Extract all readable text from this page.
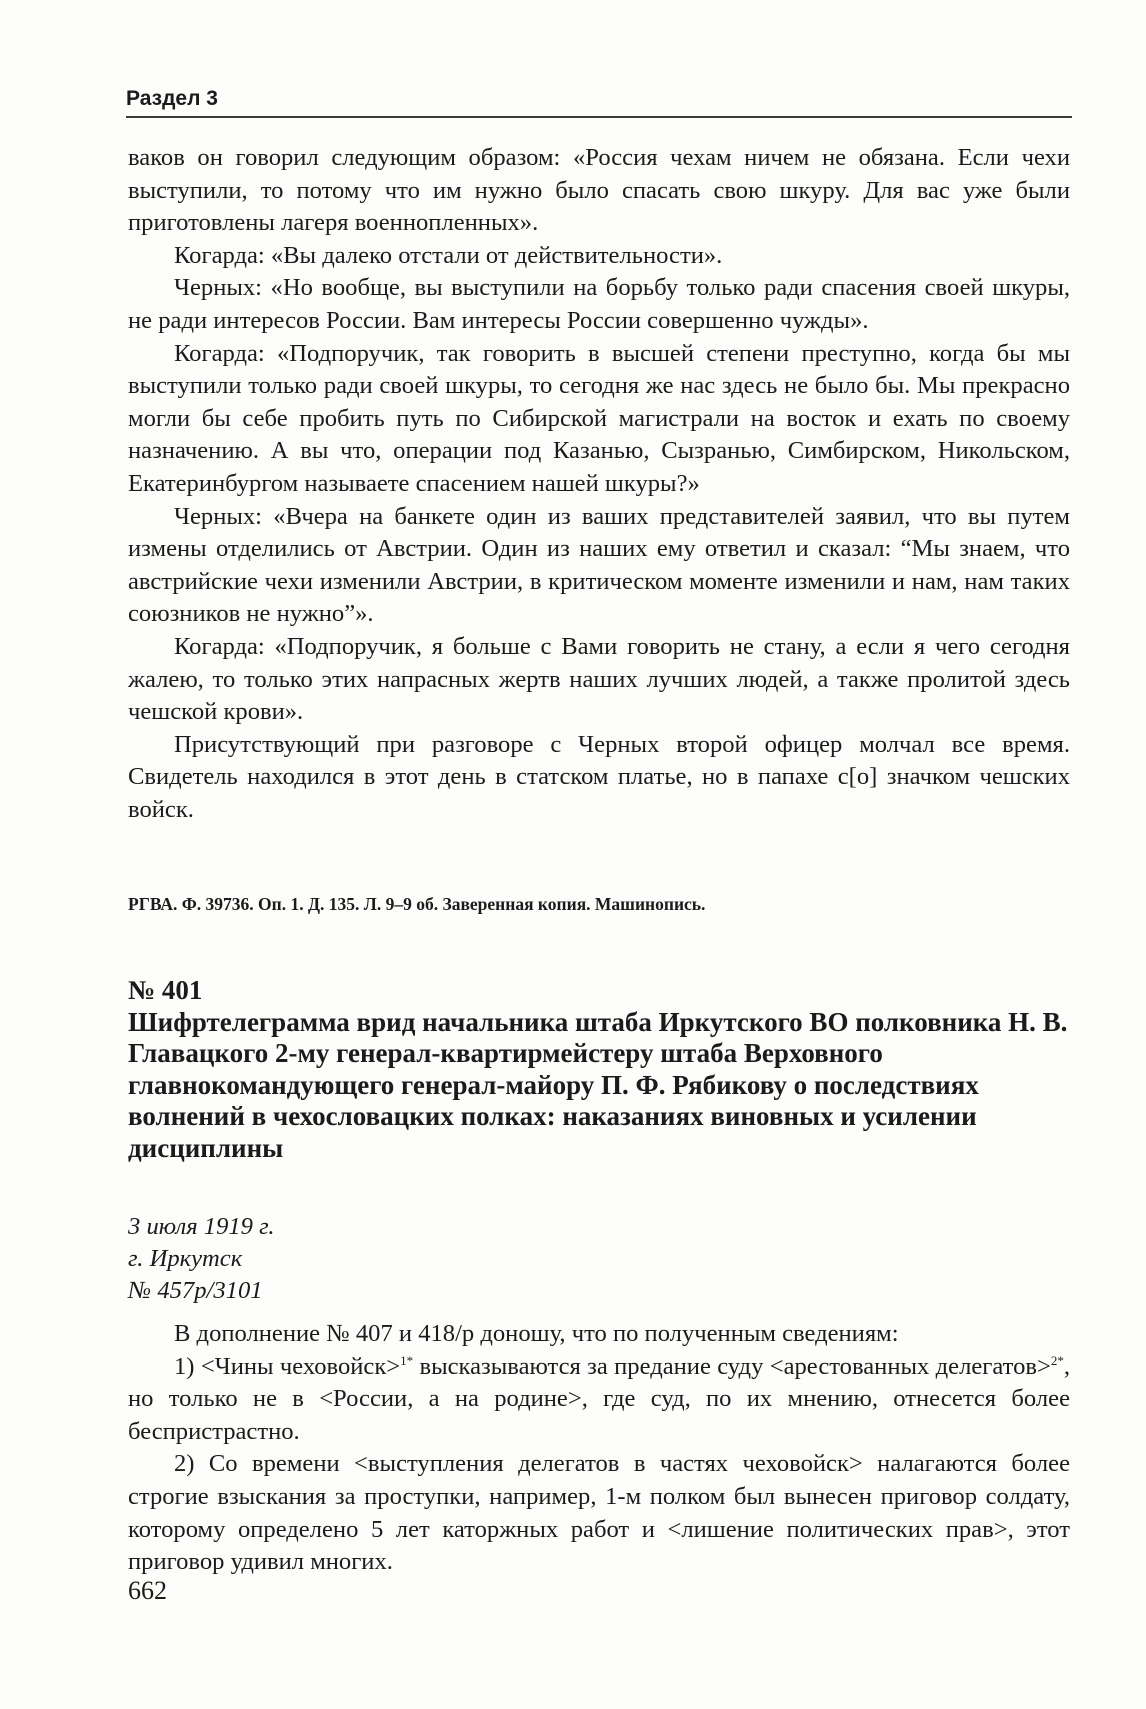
Раздел 3

ваков он говорил следующим образом: «Россия чехам ничем не обязана. Если чехи выступили, то потому что им нужно было спасать свою шкуру. Для вас уже были приготовлены лагеря военнопленных».

Когарда: «Вы далеко отстали от действительности».

Черных: «Но вообще, вы выступили на борьбу только ради спасения своей шкуры, не ради интересов России. Вам интересы России совершенно чужды».

Когарда: «Подпоручик, так говорить в высшей степени преступно, когда бы мы выступили только ради своей шкуры, то сегодня же нас здесь не было бы. Мы прекрасно могли бы себе пробить путь по Сибирской магистрали на восток и ехать по своему назначению. А вы что, операции под Казанью, Сызранью, Симбирском, Никольском, Екатеринбургом называете спасением нашей шкуры?»

Черных: «Вчера на банкете один из ваших представителей заявил, что вы путем измены отделились от Австрии. Один из наших ему ответил и сказал: “Мы знаем, что австрийские чехи изменили Австрии, в критическом моменте изменили и нам, нам таких союзников не нужно”».

Когарда: «Подпоручик, я больше с Вами говорить не стану, а если я чего сегодня жалею, то только этих напрасных жертв наших лучших людей, а также пролитой здесь чешской крови».

Присутствующий при разговоре с Черных второй офицер молчал все время. Свидетель находился в этот день в статском платье, но в папахе с[о] значком чешских войск.

РГВА. Ф. 39736. Оп. 1. Д. 135. Л. 9–9 об. Заверенная копия. Машинопись.
№ 401
Шифртелеграмма врид начальника штаба Иркутского ВО полковника Н. В. Главацкого 2-му генерал-квартирмейстеру штаба Верховного главнокомандующего генерал-майору П. Ф. Рябикову о последствиях волнений в чехословацких полках: наказаниях виновных и усилении дисциплины
3 июля 1919 г.
г. Иркутск
№ 457р/3101

В дополнение № 407 и 418/р доношу, что по полученным сведениям:

1) <Чины чеховойск>$^{1*}$ высказываются за предание суду <арестованных делегатов>$^{2*}$, но только не в <России, а на родине>, где суд, по их мнению, отнесется более беспристрастно.

2) Со времени <выступления делегатов в частях чеховойск> налагаются более строгие взыскания за проступки, например, 1-м полком был вынесен приговор солдату, которому определено 5 лет каторжных работ и <лишение политических прав>, этот приговор удивил многих.

662
